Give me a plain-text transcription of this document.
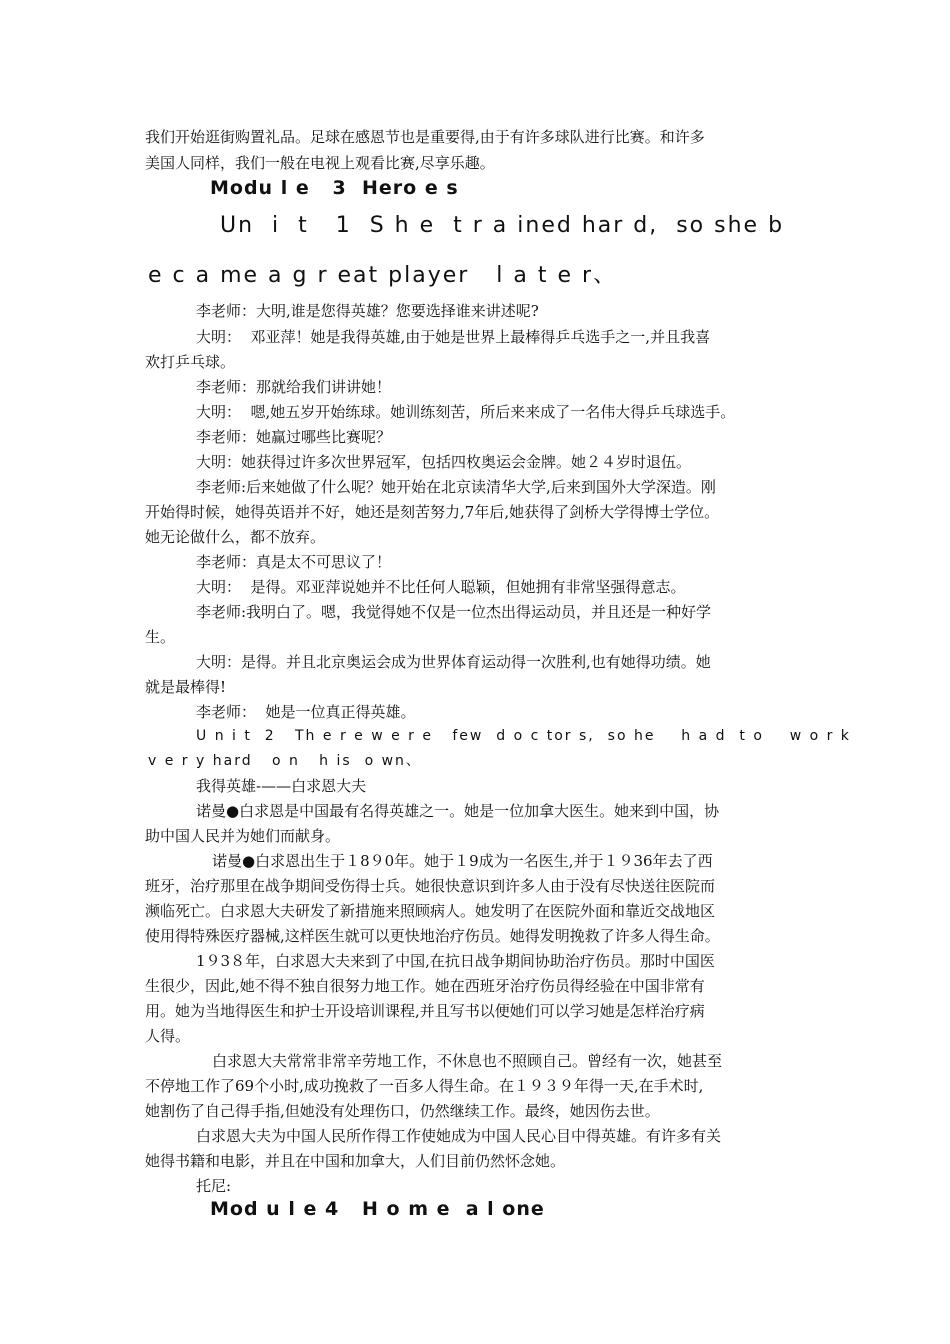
我们开始逛街购置礼品。足球在感恩节也是重要得,由于有许多球队进行比赛。和许多
美国人同样，我们一般在电视上观看比赛,尽享乐趣。
Modu l e   3  Hero e s
Un  i  t   1  S h e  t r a ined har d,  so she b
e c a me a g r eat player   l a t e r、
李老师：大明,谁是您得英雄？您要选择谁来讲述呢?
大明：  邓亚萍！她是我得英雄,由于她是世界上最棒得乒乓选手之一,并且我喜
欢打乒乓球。
李老师：那就给我们讲讲她！
大明：  嗯,她五岁开始练球。她训练刻苦，所后来来成了一名伟大得乒乓球选手。
李老师：她赢过哪些比赛呢？
大明：她获得过许多次世界冠军，包括四枚奥运会金牌。她２４岁时退伍。
李老师:后来她做了什么呢？她开始在北京读清华大学,后来到国外大学深造。刚
开始得时候，她得英语并不好，她还是刻苦努力,7年后,她获得了剑桥大学得博士学位。
她无论做什么，都不放弃。
李老师：真是太不可思议了！
大明：  是得。邓亚萍说她并不比任何人聪颖，但她拥有非常坚强得意志。
李老师:我明白了。嗯，我觉得她不仅是一位杰出得运动员，并且还是一种好学
生。
大明：是得。并且北京奥运会成为世界体育运动得一次胜利,也有她得功绩。她
就是最棒得!
李老师：  她是一位真正得英雄。
U n i t  2   Th e r e w e r e   few  d o c tor s,  so he    h a d  t o    w o r k
v e r y hard   o n   h is  o wn、
我得英雄-——白求恩大夫
诺曼●白求恩是中国最有名得英雄之一。她是一位加拿大医生。她来到中国，协
助中国人民并为她们而献身。
诺曼●白求恩出生于１8９0年。她于１9成为一名医生,并于１９36年去了西
班牙，治疗那里在战争期间受伤得士兵。她很快意识到许多人由于没有尽快送往医院而
濒临死亡。白求恩大夫研发了新措施来照顾病人。她发明了在医院外面和靠近交战地区
使用得特殊医疗器械,这样医生就可以更快地治疗伤员。她得发明挽救了许多人得生命。
1９3８年，白求恩大夫来到了中国,在抗日战争期间协助治疗伤员。那时中国医
生很少，因此,她不得不独自很努力地工作。她在西班牙治疗伤员得经验在中国非常有
用。她为当地得医生和护士开设培训课程,并且写书以便她们可以学习她是怎样治疗病
人得。
白求恩大夫常常非常辛劳地工作，不休息也不照顾自己。曾经有一次，她甚至
不停地工作了69个小时,成功挽救了一百多人得生命。在１９３９年得一天,在手术时,
她割伤了自己得手指,但她没有处理伤口，仍然继续工作。最终，她因伤去世。
白求恩大夫为中国人民所作得工作使她成为中国人民心目中得英雄。有许多有关
她得书籍和电影，并且在中国和加拿大，人们目前仍然怀念她。
托尼:
Mod u l e 4   H o m e  a l one
